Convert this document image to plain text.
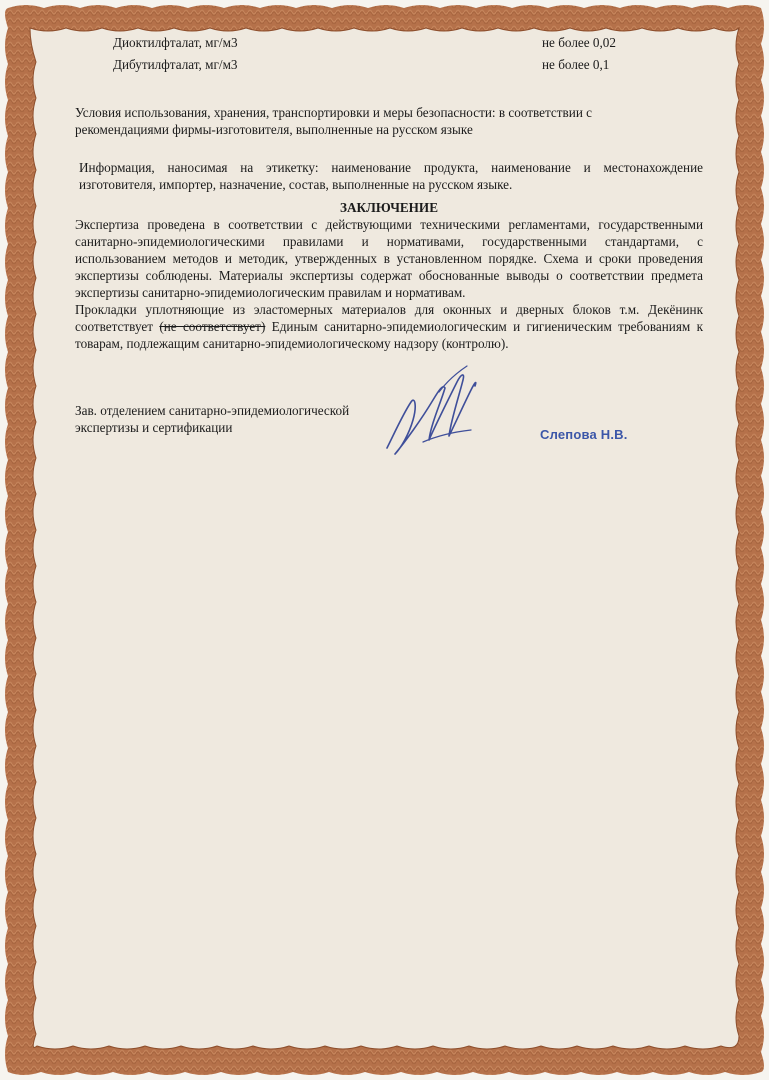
Диоктилфталат, мг/м3	не более 0,02
Дибутилфталат, мг/м3	не более 0,1

Условия использования, хранения, транспортировки и меры безопасности: в соответствии с рекомендациями фирмы-изготовителя, выполненные на русском языке

Информация, наносимая на этикетку: наименование продукта, наименование и местонахождение изготовителя, импортер, назначение, состав, выполненные на русском языке.

ЗАКЛЮЧЕНИЕ

Экспертиза проведена в соответствии с действующими техническими регламентами, государственными санитарно-эпидемиологическими правилами и нормативами, государственными стандартами, с использованием методов и методик, утвержденных в установленном порядке. Схема и сроки проведения экспертизы соблюдены. Материалы экспертизы содержат обоснованные выводы о соответствии предмета экспертизы санитарно-эпидемиологическим правилам и нормативам.

Прокладки уплотняющие из эластомерных материалов для оконных и дверных блоков т.м. Декёнинк соответствует (не соответствует) Единым санитарно-эпидемиологическим и гигиеническим требованиям к товарам, подлежащим санитарно-эпидемиологическому надзору (контролю).

Зав. отделением санитарно-эпидемиологической
экспертизы и сертификации	Слепова Н.В.
